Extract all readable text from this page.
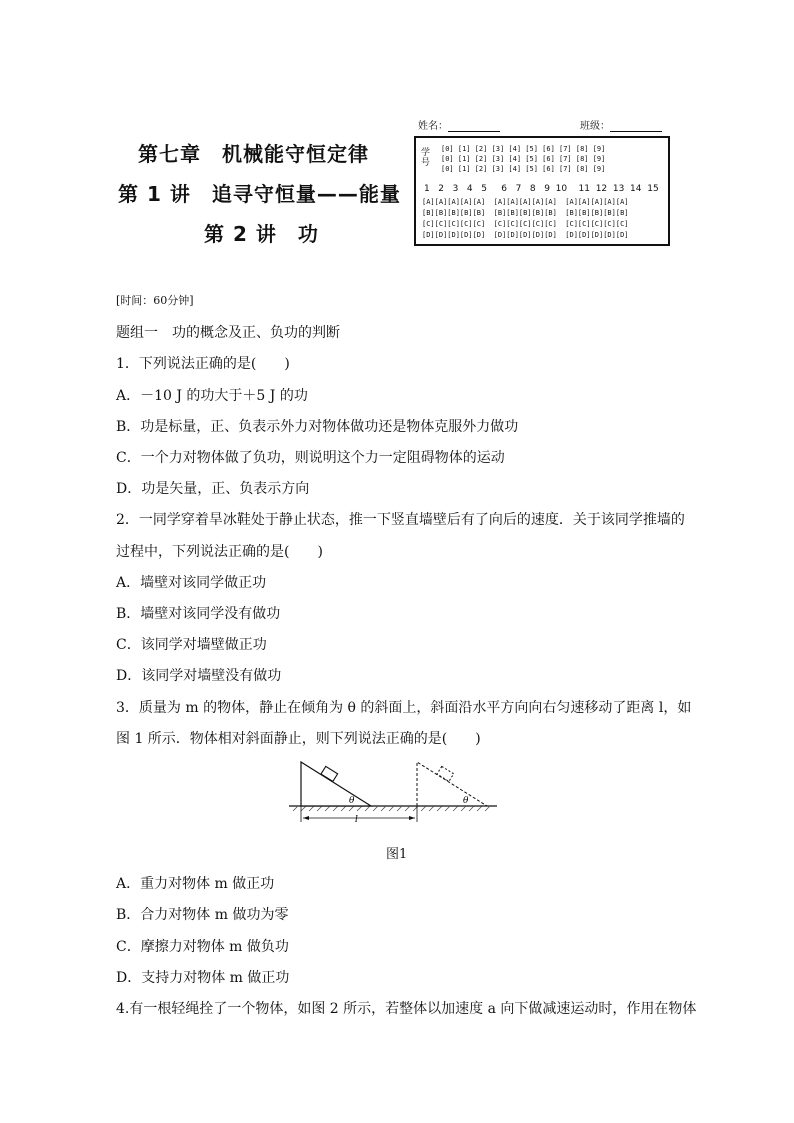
第七章　机械能守恒定律
第 1 讲　追寻守恒量——能量
第 2 讲　功
姓名：	班级：
学号
[0] [1] [2] [3] [4] [5] [6] [7] [8] [9]
[0] [1] [2] [3] [4] [5] [6] [7] [8] [9]
[0] [1] [2] [3] [4] [5] [6] [7] [8] [9]
1   2   3   4   5     6   7   8   9  10    11  12  13  14  15
[A][A][A][A][A]  [A][A][A][A][A]  [A][A][A][A][A]
[B][B][B][B][B]  [B][B][B][B][B]  [B][B][B][B][B]
[C][C][C][C][C]  [C][C][C][C][C]  [C][C][C][C][C]
[D][D][D][D][D]  [D][D][D][D][D]  [D][D][D][D][D]
[时间：60分钟]
题组一　功的概念及正、负功的判断
1．下列说法正确的是(　　)
A．－10 J 的功大于＋5 J 的功
B．功是标量，正、负表示外力对物体做功还是物体克服外力做功
C．一个力对物体做了负功，则说明这个力一定阻碍物体的运动
D．功是矢量，正、负表示方向
2．一同学穿着旱冰鞋处于静止状态，推一下竖直墙壁后有了向后的速度．关于该同学推墙的
过程中，下列说法正确的是(　　)
A．墙壁对该同学做正功
B．墙壁对该同学没有做功
C．该同学对墙壁做正功
D．该同学对墙壁没有做功
3．质量为 m 的物体，静止在倾角为 θ 的斜面上，斜面沿水平方向向右匀速移动了距离 l，如
图 1 所示．物体相对斜面静止，则下列说法正确的是(　　)
θ	θ
l
图1
A．重力对物体 m 做正功
B．合力对物体 m 做功为零
C．摩擦力对物体 m 做负功
D．支持力对物体 m 做正功
4.有一根轻绳拴了一个物体，如图 2 所示，若整体以加速度 a 向下做减速运动时，作用在物体
